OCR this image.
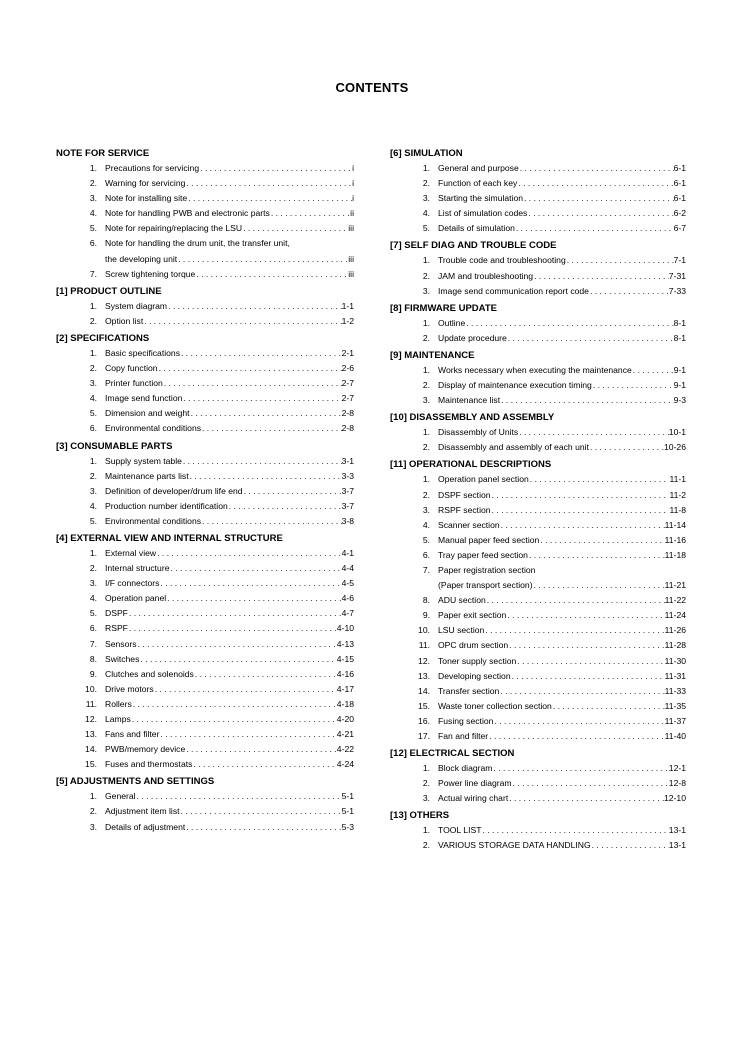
CONTENTS
NOTE FOR SERVICE
1. Precautions for servicing . . .	i
2. Warning for servicing . . .	i
3. Note for installing site . . .	i
4. Note for handling PWB and electronic parts . . .	ii
5. Note for repairing/replacing the LSU . . .	iii
6. Note for handling the drum unit, the transfer unit,
the developing unit . . .	iii
7. Screw tightening torque . . .	iii
[1] PRODUCT OUTLINE
1. System diagram . . .	1-1
2. Option list . . .	1-2
[2] SPECIFICATIONS
1. Basic specifications . . .	2-1
2. Copy function . . .	2-6
3. Printer function . . .	2-7
4. Image send function . . .	2-7
5. Dimension and weight . . .	2-8
6. Environmental conditions . . .	2-8
[3] CONSUMABLE PARTS
1. Supply system table . . .	3-1
2. Maintenance parts list . . .	3-3
3. Definition of developer/drum life end . . .	3-7
4. Production number identification . . .	3-7
5. Environmental conditions . . .	3-8
[4] EXTERNAL VIEW AND INTERNAL STRUCTURE
1. External view . . .	4-1
2. Internal structure . . .	4-4
3. I/F connectors . . .	4-5
4. Operation panel . . .	4-6
5. DSPF . . .	4-7
6. RSPF . . .	4-10
7. Sensors . . .	4-13
8. Switches . . .	4-15
9. Clutches and solenoids . . .	4-16
10. Drive motors . . .	4-17
11. Rollers . . .	4-18
12. Lamps . . .	4-20
13. Fans and filter . . .	4-21
14. PWB/memory device . . .	4-22
15. Fuses and thermostats . . .	4-24
[5] ADJUSTMENTS AND SETTINGS
1. General . . .	5-1
2. Adjustment item list . . .	5-1
3. Details of adjustment . . .	5-3
[6] SIMULATION
1. General and purpose . . .	6-1
2. Function of each key . . .	6-1
3. Starting the simulation . . .	6-1
4. List of simulation codes . . .	6-2
5. Details of simulation . . .	6-7
[7] SELF DIAG AND TROUBLE CODE
1. Trouble code and troubleshooting . . .	7-1
2. JAM and troubleshooting . . .	7-31
3. Image send communication report code . . .	7-33
[8] FIRMWARE UPDATE
1. Outline . . .	8-1
2. Update procedure . . .	8-1
[9] MAINTENANCE
1. Works necessary when executing the maintenance . . .	9-1
2. Display of maintenance execution timing . . .	9-1
3. Maintenance list . . .	9-3
[10] DISASSEMBLY AND ASSEMBLY
1. Disassembly of Units . . .	10-1
2. Disassembly and assembly of each unit . . .	10-26
[11] OPERATIONAL DESCRIPTIONS
1. Operation panel section . . .	11-1
2. DSPF section . . .	11-2
3. RSPF section . . .	11-8
4. Scanner section . . .	11-14
5. Manual paper feed section . . .	11-16
6. Tray paper feed section . . .	11-18
7. Paper registration section
(Paper transport section) . . .	11-21
8. ADU section . . .	11-22
9. Paper exit section . . .	11-24
10. LSU section . . .	11-26
11. OPC drum section . . .	11-28
12. Toner supply section . . .	11-30
13. Developing section . . .	11-31
14. Transfer section . . .	11-33
15. Waste toner collection section . . .	11-35
16. Fusing section . . .	11-37
17. Fan and filter . . .	11-40
[12] ELECTRICAL SECTION
1. Block diagram . . .	12-1
2. Power line diagram . . .	12-8
3. Actual wiring chart . . .	12-10
[13] OTHERS
1. TOOL LIST . . .	13-1
2. VARIOUS STORAGE DATA HANDLING . . .	13-1
